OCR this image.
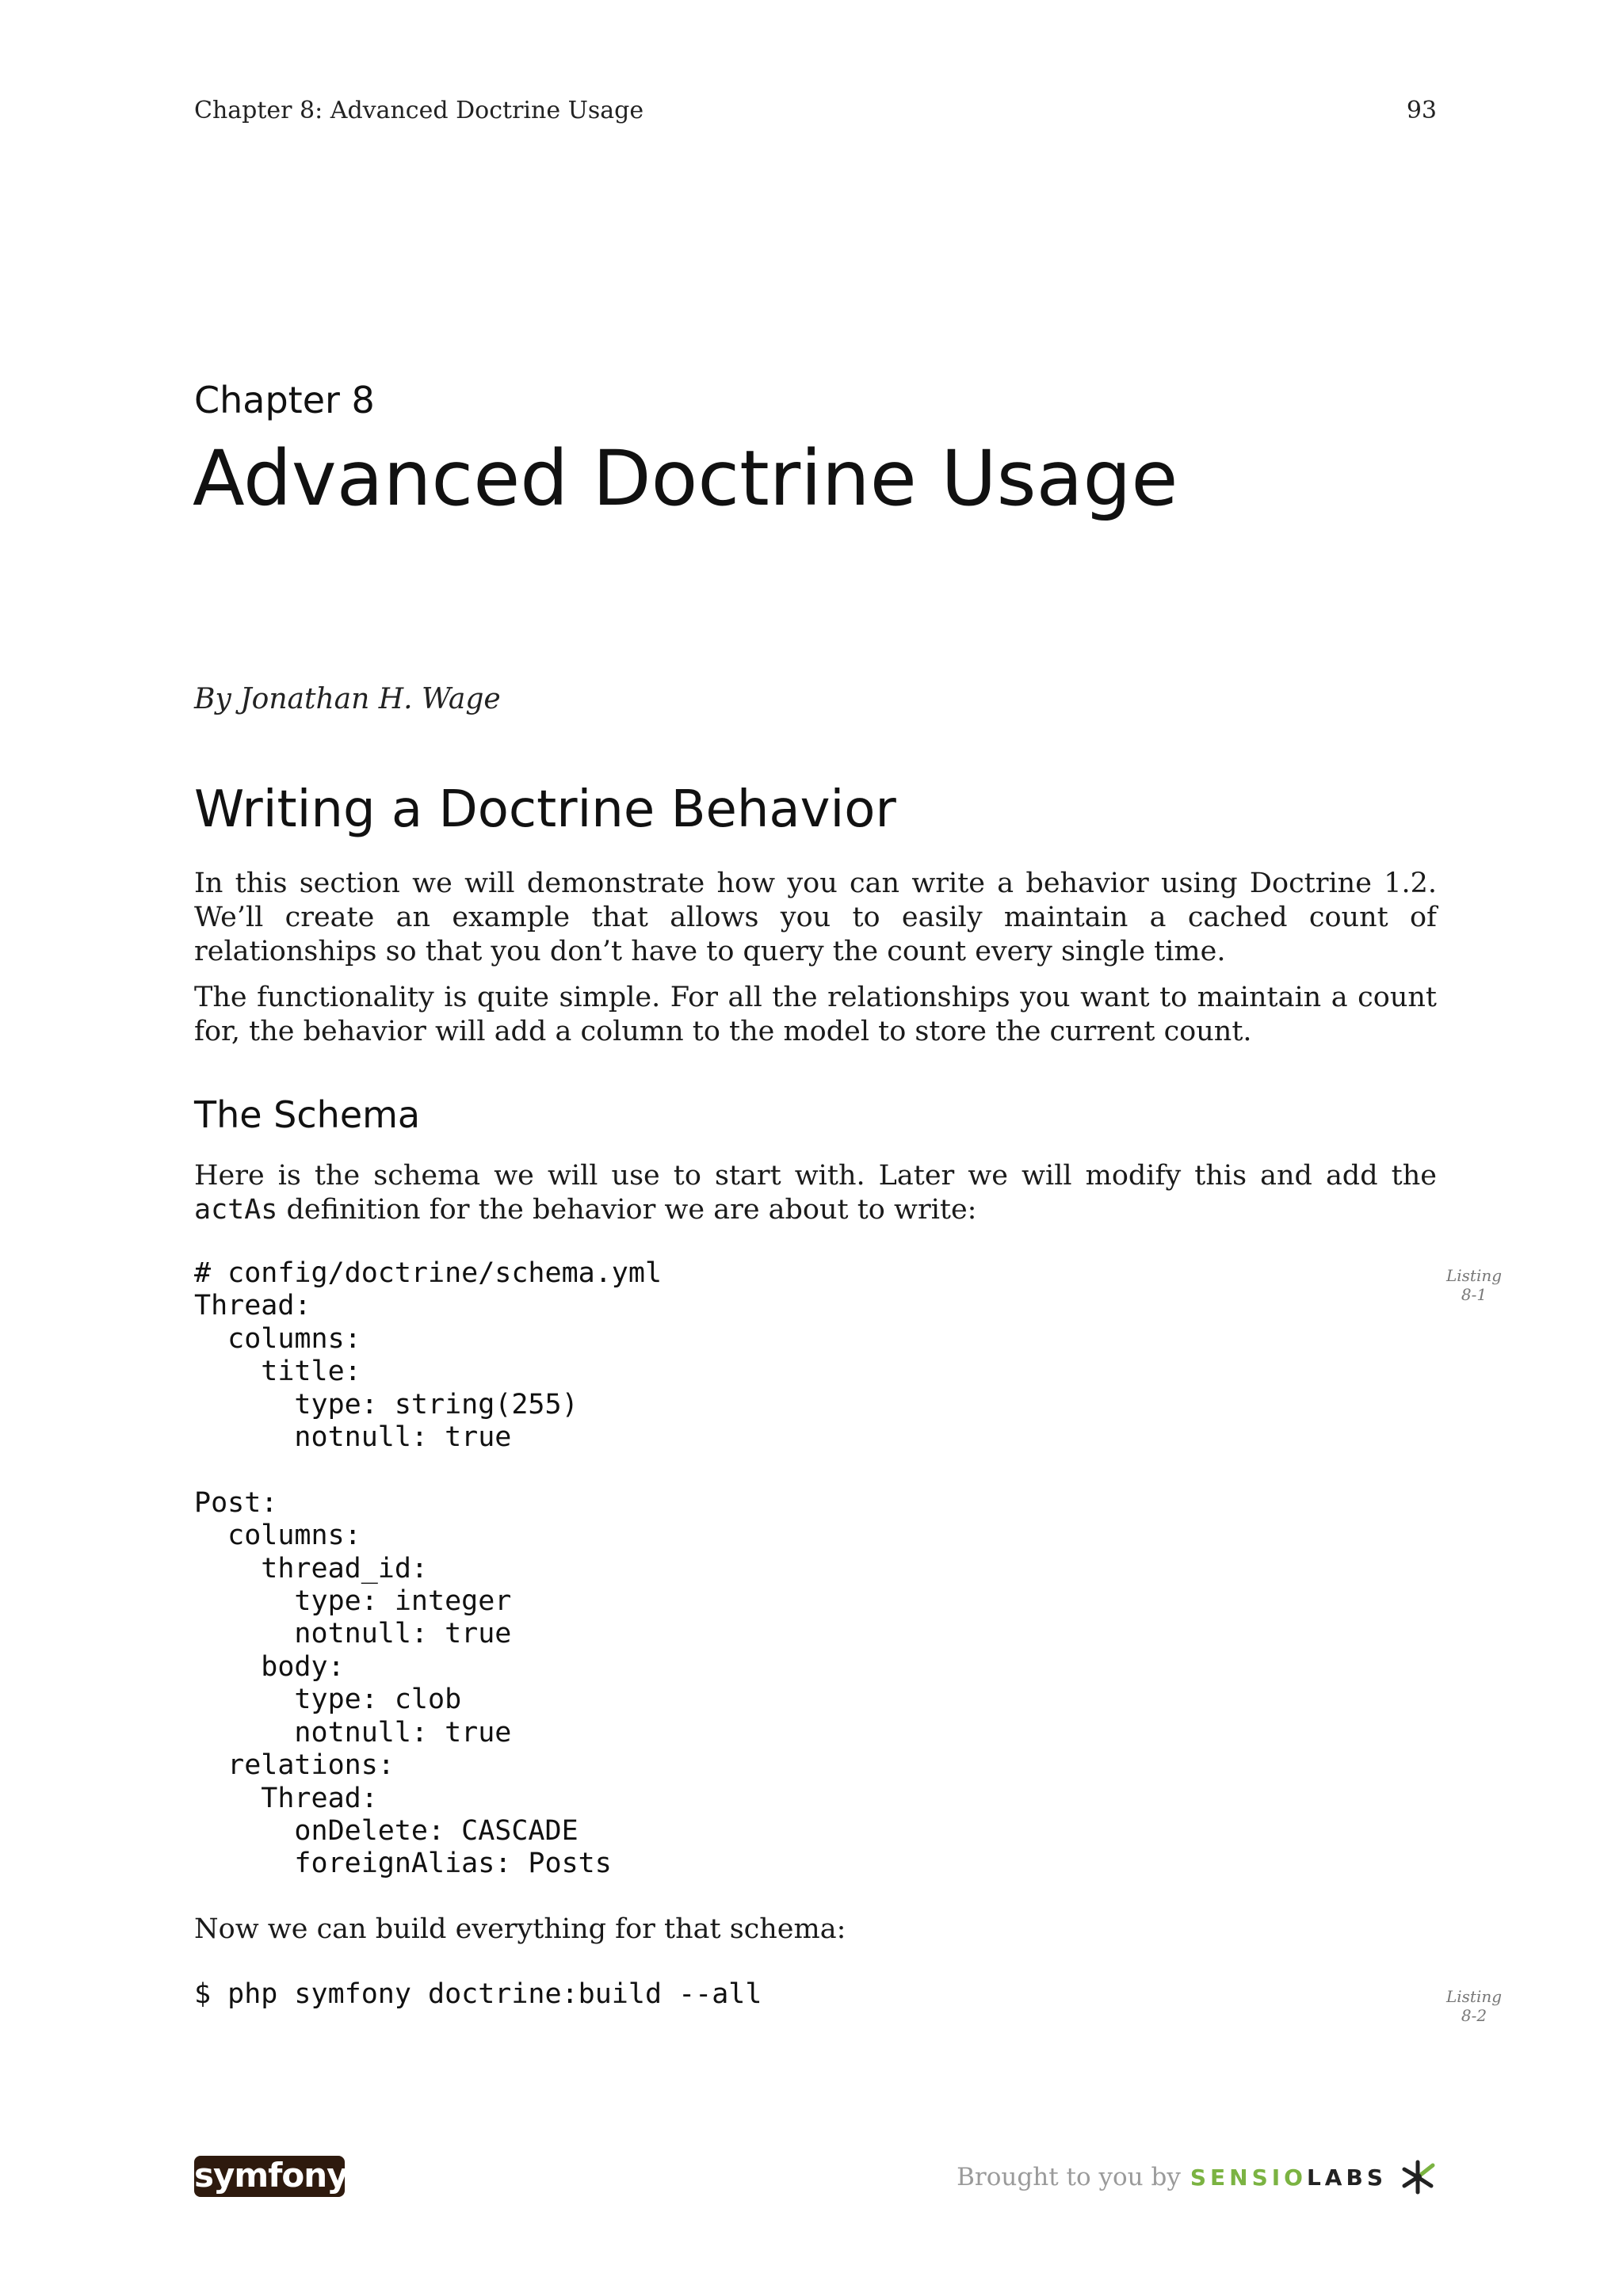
Chapter 8: Advanced Doctrine Usage	93
Chapter 8
Advanced Doctrine Usage
By Jonathan H. Wage
Writing a Doctrine Behavior

In this section we will demonstrate how you can write a behavior using Doctrine 1.2. We’ll create an example that allows you to easily maintain a cached count of relationships so that you don’t have to query the count every single time.

The functionality is quite simple. For all the relationships you want to maintain a count for, the behavior will add a column to the model to store the current count.

The Schema

Here is the schema we will use to start with. Later we will modify this and add the actAs definition for the behavior we are about to write:

# config/doctrine/schema.yml
Thread:
columns:
title:
type: string(255)
notnull: true

Post:
columns:
thread_id:
type: integer
notnull: true
body:
type: clob
notnull: true
relations:
Thread:
onDelete: CASCADE
foreignAlias: Posts
Listing
8-1

Now we can build everything for that schema:

$ php symfony doctrine:build --all	Listing
8-2
symfony	Brought to you by SENSIOLABS
